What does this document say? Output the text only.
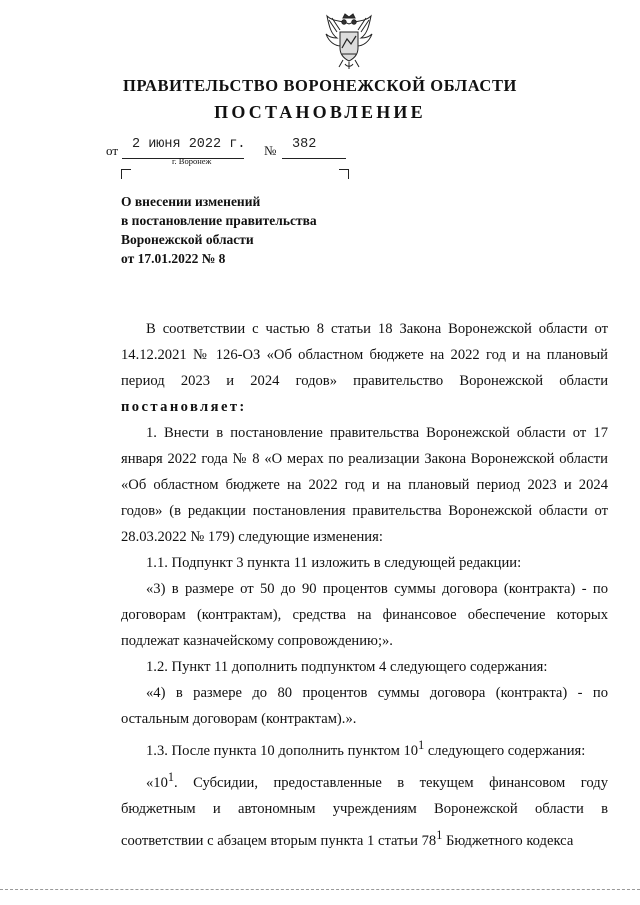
ПРАВИТЕЛЬСТВО ВОРОНЕЖСКОЙ ОБЛАСТИ
ПОСТАНОВЛЕНИЕ
от 2 июня 2022 г. № 382
г. Воронеж
О внесении изменений
в постановление правительства
Воронежской области
от 17.01.2022 № 8

В соответствии с частью 8 статьи 18 Закона Воронежской области от 14.12.2021 № 126-ОЗ «Об областном бюджете на 2022 год и на плановый период 2023 и 2024 годов» правительство Воронежской области постановляет:

1. Внести в постановление правительства Воронежской области от 17 января 2022 года № 8 «О мерах по реализации Закона Воронежской области «Об областном бюджете на 2022 год и на плановый период 2023 и 2024 годов» (в редакции постановления правительства Воронежской области от 28.03.2022 № 179) следующие изменения:

1.1. Подпункт 3 пункта 11 изложить в следующей редакции:

«3) в размере от 50 до 90 процентов суммы договора (контракта) - по договорам (контрактам), средства на финансовое обеспечение которых подлежат казначейскому сопровождению;».

1.2. Пункт 11 дополнить подпунктом 4 следующего содержания:

«4) в размере до 80 процентов суммы договора (контракта) - по остальным договорам (контрактам).».

1.3. После пункта 10 дополнить пунктом $10^1$ следующего содержания:

«$10^1$. Субсидии, предоставленные в текущем финансовом году бюджетным и автономным учреждениям Воронежской области в соответствии с абзацем вторым пункта 1 статьи $78^1$ Бюджетного кодекса
